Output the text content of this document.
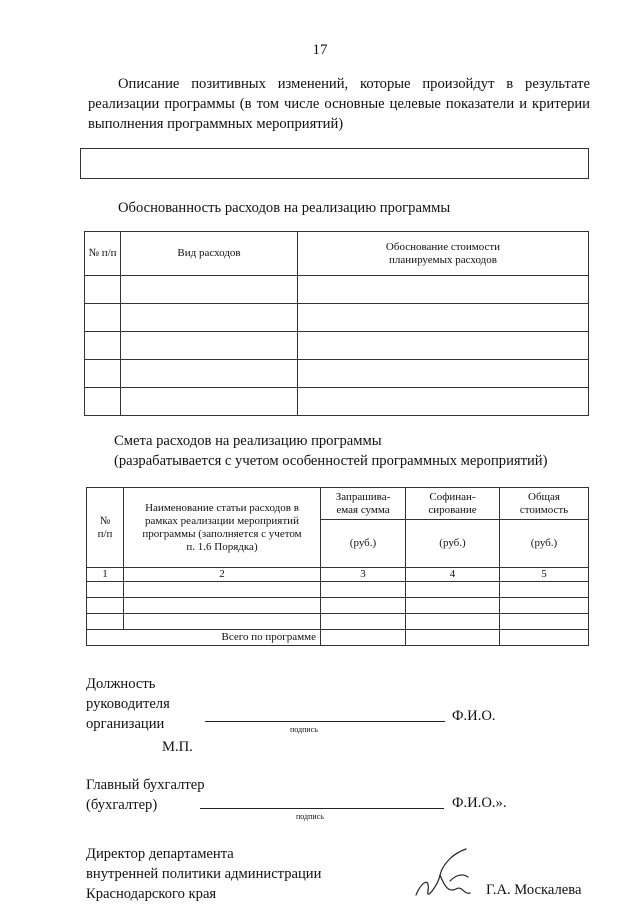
17
Описание позитивных изменений, которые произойдут в результате реализации программы (в том числе основные целевые показатели и критерии выполнения программных мероприятий)
Обоснованность расходов на реализацию программы
№ п/п	Вид расходов	Обоснование стоимости планируемых расходов

Смета расходов на реализацию программы
(разрабатывается с учетом особенностей программных мероприятий)
№ п/п	Наименование статьи расходов в рамках реализации мероприятий программы (заполняется с учетом п. 1.6 Порядка)	Запрашива-емая сумма	Софинан-сирование	Общая стоимость
		(руб.)	(руб.)	(руб.)
1	2	3	4	5

Всего по программе				
Должность
руководителя
организации	Ф.И.О.
подпись
М.П.
Главный бухгалтер
(бухгалтер)	Ф.И.О.».
подпись
Директор департамента
внутренней политики администрации
Краснодарского края	Г.А. Москалева
